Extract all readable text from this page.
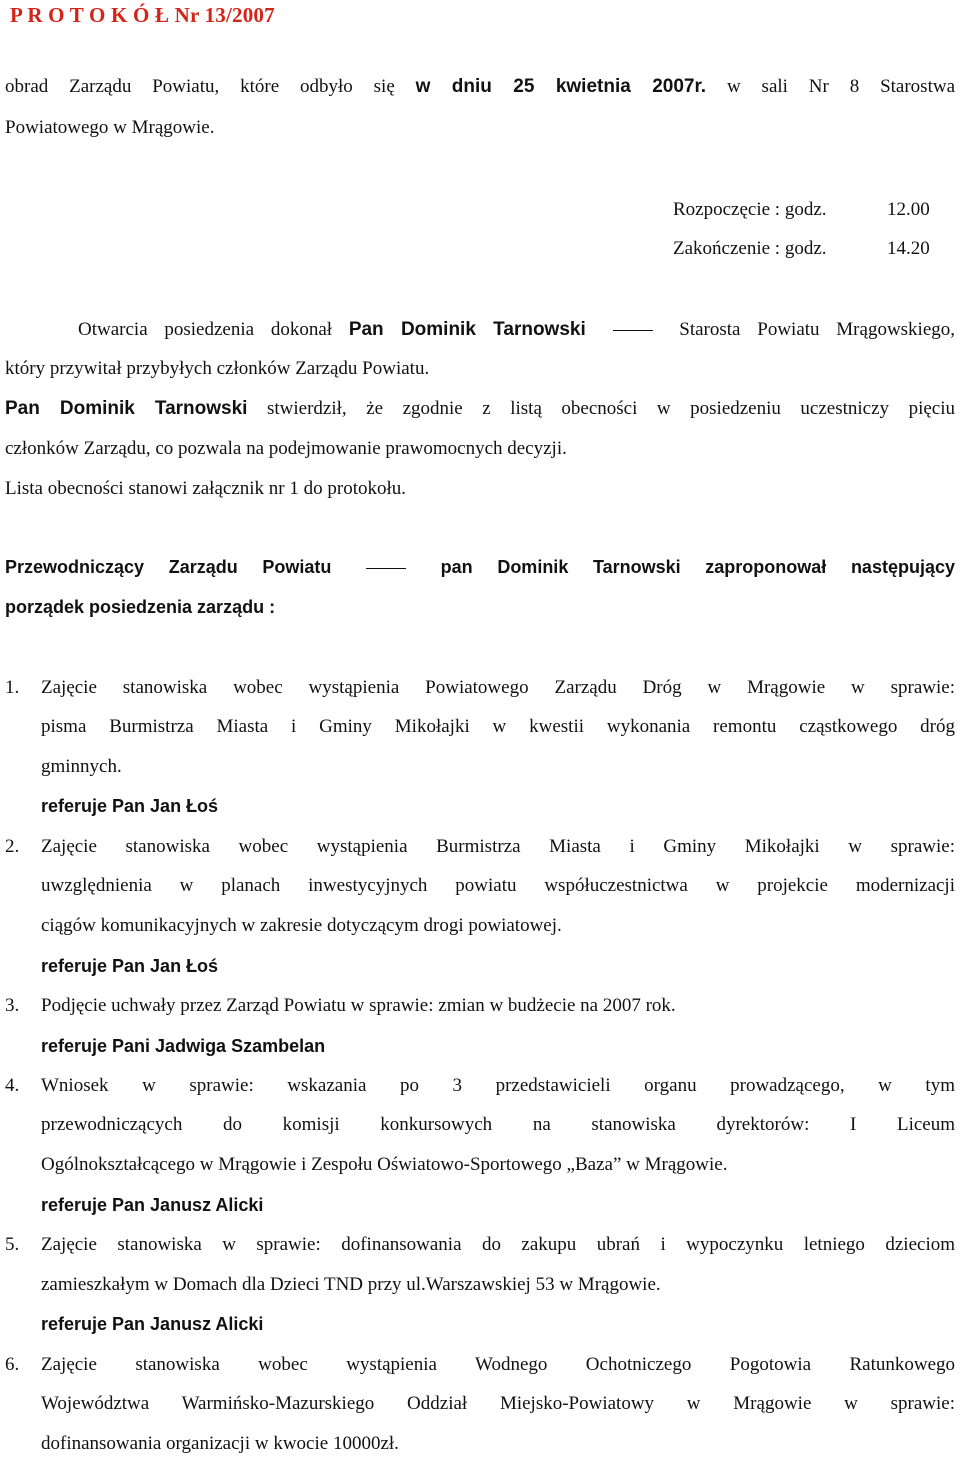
P R O T O K Ó Ł Nr 13/2007
obrad Zarządu Powiatu, które odbyło się w dniu 25 kwietnia 2007r. w sali Nr 8 Starostwa
Powiatowego w Mrągowie.
Rozpoczęcie : godz.	12.00
Zakończenie : godz.	14.20
Otwarcia posiedzenia dokonał Pan Dominik Tarnowski	Starosta Powiatu Mrągowskiego,
który przywitał przybyłych członków Zarządu Powiatu.
Pan Dominik Tarnowski stwierdził, że zgodnie z listą obecności w posiedzeniu uczestniczy pięciu
członków Zarządu, co pozwala na podejmowanie prawomocnych decyzji.
Lista obecności stanowi załącznik nr 1 do protokołu.
Przewodniczący Zarządu Powiatu	pan Dominik Tarnowski zaproponował następujący
porządek posiedzenia zarządu :
1. Zajęcie stanowiska wobec wystąpienia Powiatowego Zarządu Dróg w Mrągowie w sprawie:
pisma Burmistrza Miasta i Gminy Mikołajki w kwestii wykonania remontu cząstkowego dróg
gminnych.
referuje Pan Jan Łoś
2. Zajęcie stanowiska wobec wystąpienia Burmistrza Miasta i Gminy Mikołajki w sprawie:
uwzględnienia w planach inwestycyjnych powiatu współuczestnictwa w projekcie modernizacji
ciągów komunikacyjnych w zakresie dotyczącym drogi powiatowej.
referuje Pan Jan Łoś
3. Podjęcie uchwały przez Zarząd Powiatu w sprawie: zmian w budżecie na 2007 rok.
referuje Pani Jadwiga Szambelan
4. Wniosek w sprawie: wskazania po 3 przedstawicieli organu prowadzącego, w tym
przewodniczących do komisji konkursowych na stanowiska dyrektorów: I Liceum
Ogólnokształcącego w Mrągowie i Zespołu Oświatowo-Sportowego „Baza” w Mrągowie.
referuje Pan Janusz Alicki
5. Zajęcie stanowiska w sprawie: dofinansowania do zakupu ubrań i wypoczynku letniego dzieciom
zamieszkałym w Domach dla Dzieci TND przy ul.Warszawskiej 53 w Mrągowie.
referuje Pan Janusz Alicki
6. Zajęcie stanowiska wobec wystąpienia Wodnego Ochotniczego Pogotowia Ratunkowego
Województwa Warmińsko-Mazurskiego Oddział Miejsko-Powiatowy w Mrągowie w sprawie:
dofinansowania organizacji w kwocie 10000zł.
